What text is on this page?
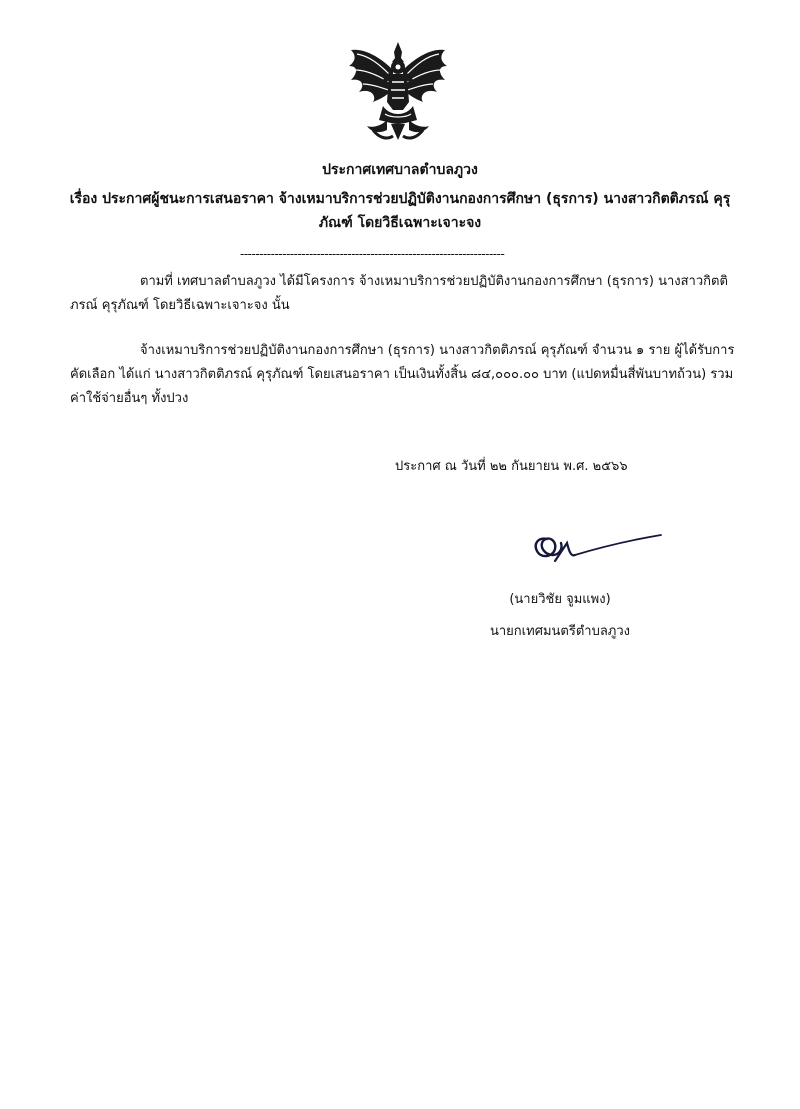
ประกาศเทศบาลตำบลภูวง
เรื่อง ประกาศผู้ชนะการเสนอราคา จ้างเหมาบริการช่วยปฏิบัติงานกองการศึกษา (ธุรการ) นางสาวกิตติภรณ์ คุรุภัณฑ์ โดยวิธีเฉพาะเจาะจง
---------------------------------------------------------------------
ตามที่ เทศบาลตำบลภูวง ได้มีโครงการ จ้างเหมาบริการช่วยปฏิบัติงานกองการศึกษา (ธุรการ) นางสาวกิตติภรณ์ คุรุภัณฑ์ โดยวิธีเฉพาะเจาะจง นั้น
จ้างเหมาบริการช่วยปฏิบัติงานกองการศึกษา (ธุรการ) นางสาวกิตติภรณ์ คุรุภัณฑ์ จำนวน ๑ ราย ผู้ได้รับการคัดเลือก ได้แก่ นางสาวกิตติภรณ์ คุรุภัณฑ์ โดยเสนอราคา เป็นเงินทั้งสิ้น ๘๔,๐๐๐.๐๐ บาท (แปดหมื่นสี่พันบาทถ้วน) รวมค่าใช้จ่ายอื่นๆ ทั้งปวง
ประกาศ ณ วันที่ ๒๒ กันยายน พ.ศ. ๒๕๖๖
(นายวิชัย จูมแพง)
นายกเทศมนตรีตำบลภูวง
